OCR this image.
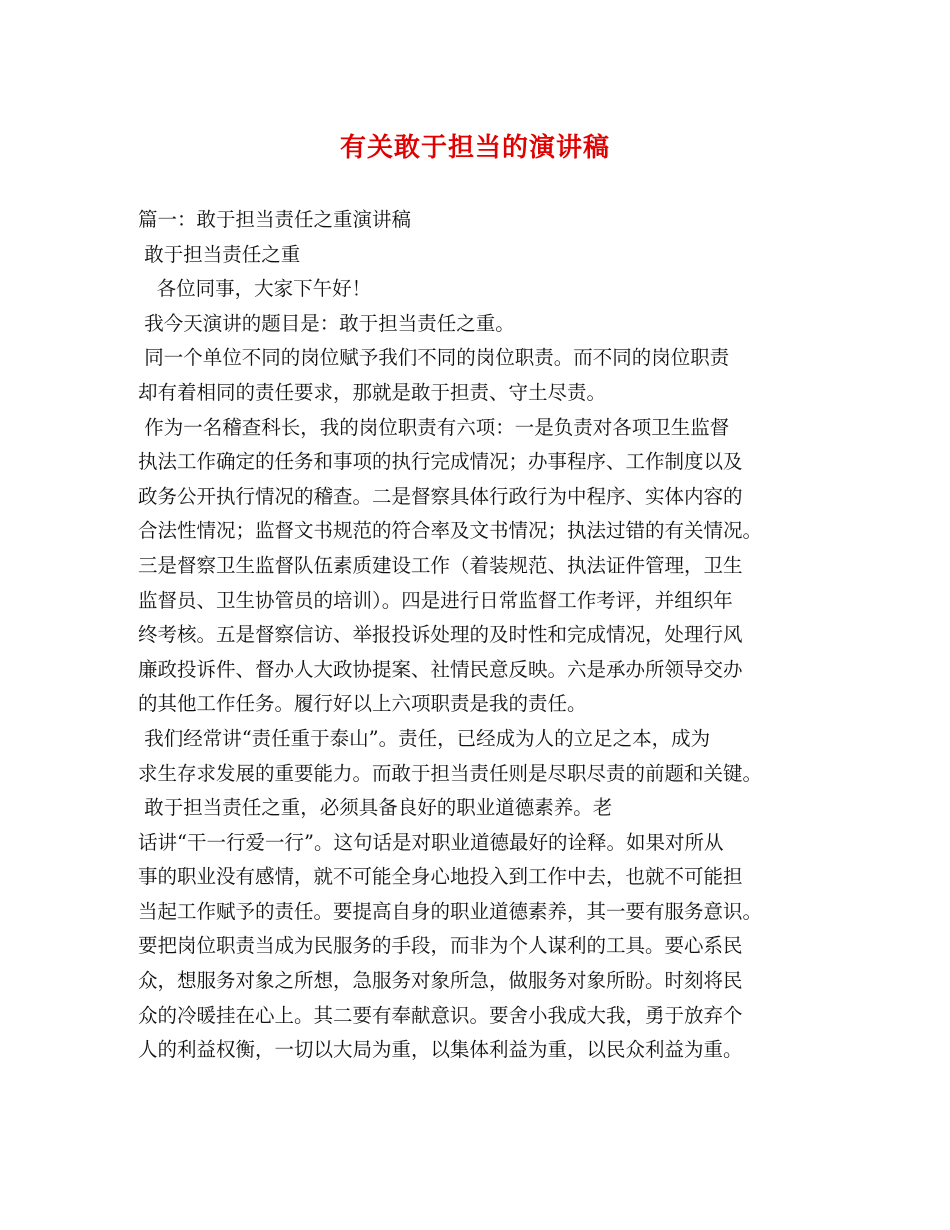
有关敢于担当的演讲稿
篇一：敢于担当责任之重演讲稿
敢于担当责任之重
各位同事，大家下午好！
我今天演讲的题目是：敢于担当责任之重。
同一个单位不同的岗位赋予我们不同的岗位职责。而不同的岗位职责
却有着相同的责任要求，那就是敢于担责、守土尽责。
作为一名稽查科长，我的岗位职责有六项：一是负责对各项卫生监督
执法工作确定的任务和事项的执行完成情况；办事程序、工作制度以及
政务公开执行情况的稽查。二是督察具体行政行为中程序、实体内容的
合法性情况；监督文书规范的符合率及文书情况；执法过错的有关情况。
三是督察卫生监督队伍素质建设工作（着装规范、执法证件管理，卫生
监督员、卫生协管员的培训）。四是进行日常监督工作考评，并组织年
终考核。五是督察信访、举报投诉处理的及时性和完成情况，处理行风
廉政投诉件、督办人大政协提案、社情民意反映。六是承办所领导交办
的其他工作任务。履行好以上六项职责是我的责任。
我们经常讲“责任重于泰山”。责任，已经成为人的立足之本，成为
求生存求发展的重要能力。而敢于担当责任则是尽职尽责的前题和关键。
敢于担当责任之重，必须具备良好的职业道德素养。老
话讲“干一行爱一行”。这句话是对职业道德最好的诠释。如果对所从
事的职业没有感情，就不可能全身心地投入到工作中去，也就不可能担
当起工作赋予的责任。要提高自身的职业道德素养，其一要有服务意识。
要把岗位职责当成为民服务的手段，而非为个人谋利的工具。要心系民
众，想服务对象之所想，急服务对象所急，做服务对象所盼。时刻将民
众的冷暖挂在心上。其二要有奉献意识。要舍小我成大我，勇于放弃个
人的利益权衡，一切以大局为重，以集体利益为重，以民众利益为重。
